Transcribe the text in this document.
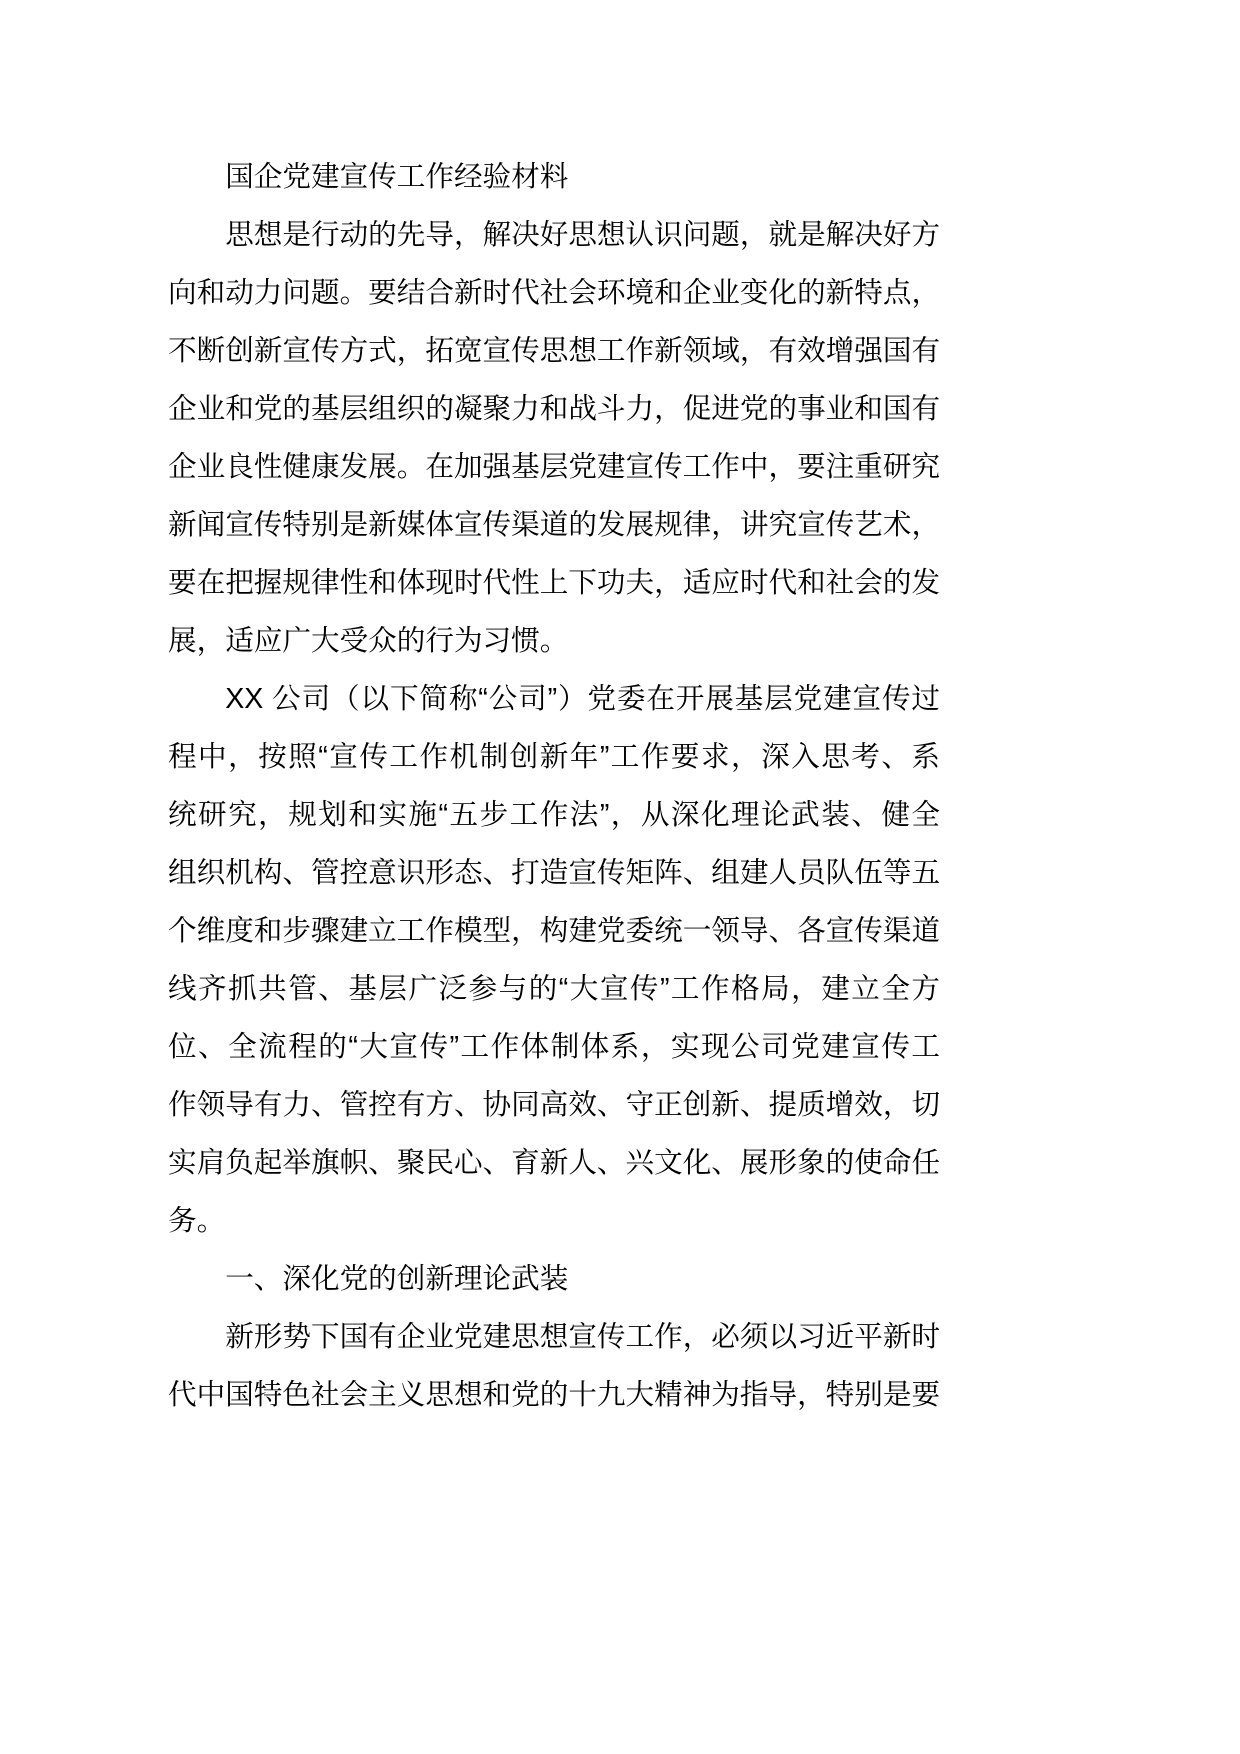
国企党建宣传工作经验材料
思想是行动的先导，解决好思想认识问题，就是解决好方
向和动力问题。要结合新时代社会环境和企业变化的新特点，
不断创新宣传方式，拓宽宣传思想工作新领域，有效增强国有
企业和党的基层组织的凝聚力和战斗力，促进党的事业和国有
企业良性健康发展。在加强基层党建宣传工作中，要注重研究
新闻宣传特别是新媒体宣传渠道的发展规律，讲究宣传艺术，
要在把握规律性和体现时代性上下功夫，适应时代和社会的发
展，适应广大受众的行为习惯。
XX 公司（以下简称“公司”）党委在开展基层党建宣传过
程中，按照“宣传工作机制创新年”工作要求，深入思考、系
统研究，规划和实施“五步工作法”，从深化理论武装、健全
组织机构、管控意识形态、打造宣传矩阵、组建人员队伍等五
个维度和步骤建立工作模型，构建党委统一领导、各宣传渠道
线齐抓共管、基层广泛参与的“大宣传”工作格局，建立全方
位、全流程的“大宣传”工作体制体系，实现公司党建宣传工
作领导有力、管控有方、协同高效、守正创新、提质增效，切
实肩负起举旗帜、聚民心、育新人、兴文化、展形象的使命任
务。
一、深化党的创新理论武装
新形势下国有企业党建思想宣传工作，必须以习近平新时
代中国特色社会主义思想和党的十九大精神为指导，特别是要
